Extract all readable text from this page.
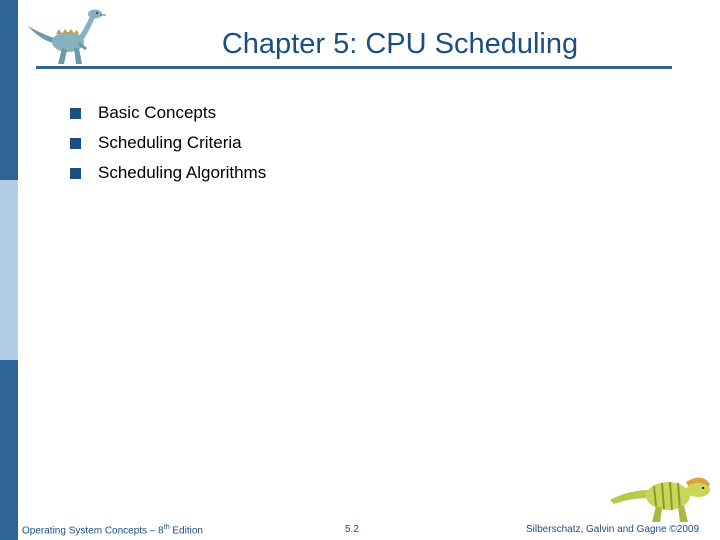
Chapter 5: CPU Scheduling
Basic Concepts
Scheduling Criteria
Scheduling Algorithms
Operating System Concepts – 8th Edition	5.2	Silberschatz, Galvin and Gagne ©2009
